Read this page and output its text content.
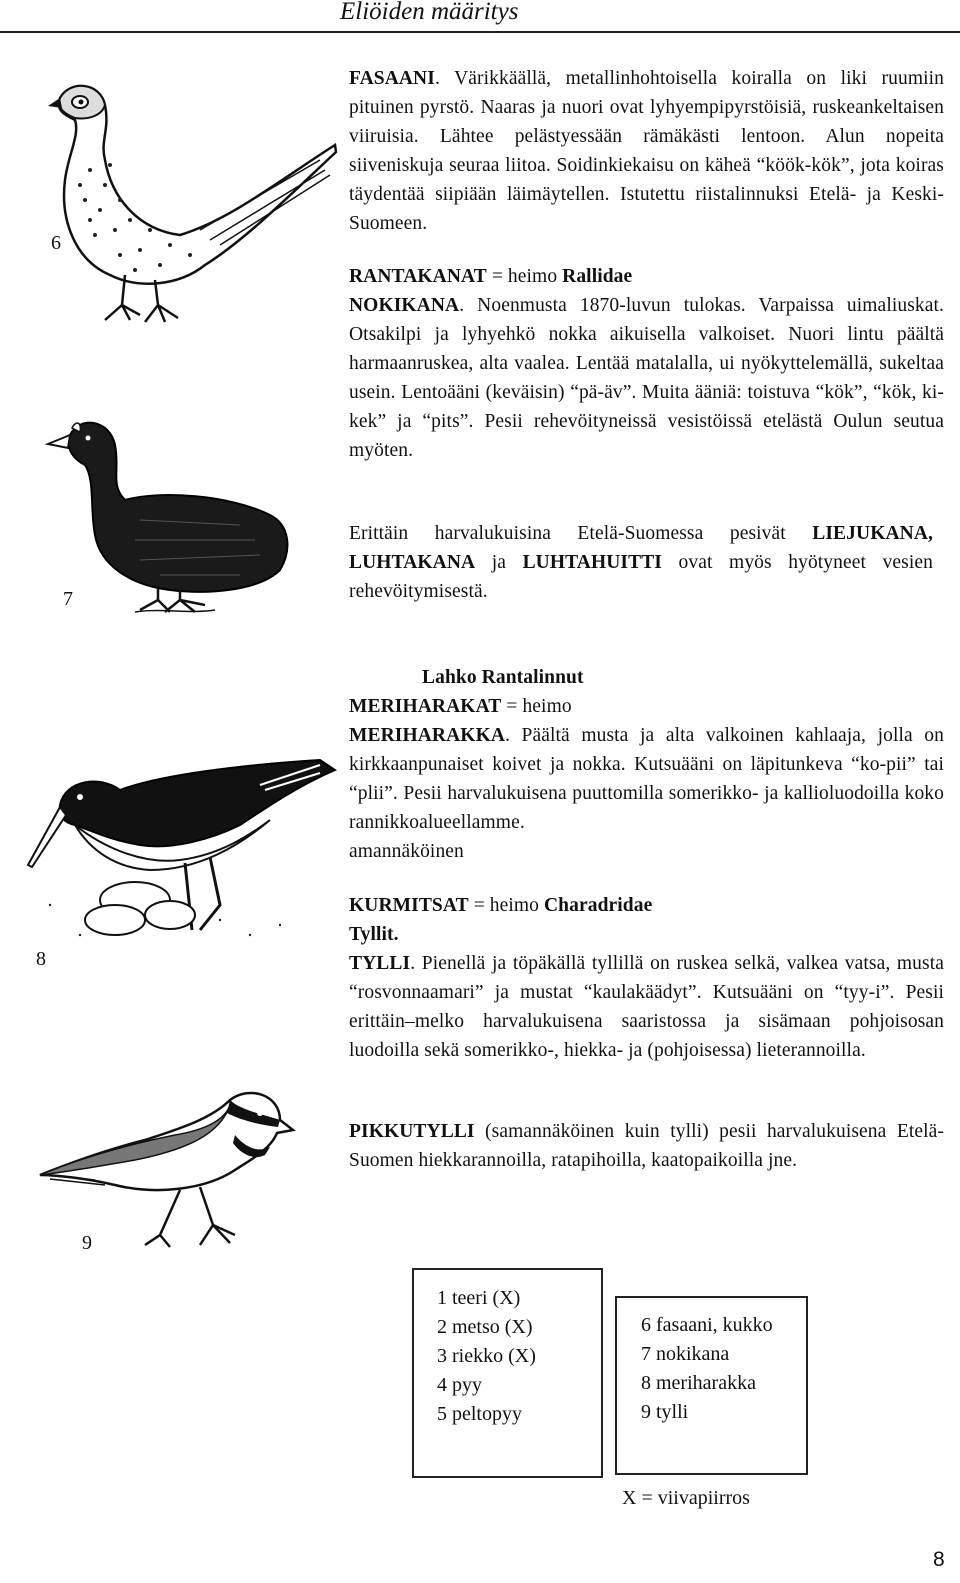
Eliöiden määritys
6
7
8
9
FASAANI. Värikkäällä, metallinhohtoisella koiralla on liki ruumiin pituinen pyrstö. Naaras ja nuori ovat lyhyempipyrstöisiä, ruskeankeltaisen viiruisia. Lähtee pelästyessään rämäkästi lentoon. Alun nopeita siiveniskuja seuraa liitoa. Soidinkiekaisu on käheä “köök-kök”, jota koiras täydentää siipiään läimäytellen. Istutettu riistalinnuksi Etelä- ja Keski-Suomeen.
RANTAKANAT = heimo Rallidae
NOKIKANA. Noenmusta 1870-luvun tulokas. Varpaissa uimaliuskat. Otsakilpi ja lyhyehkö nokka aikuisella valkoiset. Nuori lintu päältä harmaanruskea, alta vaalea. Lentää matalalla, ui nyökyttelemällä, sukeltaa usein. Lentoääni (keväisin) “pä-äv”. Muita ääniä: toistuva “kök”, “kök, ki-kek” ja “pits”. Pesii rehevöityneissä vesistöissä etelästä Oulun seutua myöten.
Erittäin harvalukuisina Etelä-Suomessa pesivät LIEJUKANA, LUHTAKANA ja LUHTAHUITTI ovat myös hyötyneet vesien rehevöitymisestä.
Lahko Rantalinnut
MERIHARAKAT = heimo
MERIHARAKKA. Päältä musta ja alta valkoinen kahlaaja, jolla on kirkkaanpunaiset koivet ja nokka. Kutsuääni on läpitunkeva “ko-pii” tai “plii”. Pesii harvalukuisena puuttomilla somerikko- ja kallioluodoilla koko rannikkoalueellamme.
amannäköinen
KURMITSAT = heimo Charadridae
Tyllit.
TYLLI. Pienellä ja töpäkällä tyllillä on ruskea selkä, valkea vatsa, musta “rosvonnaamari” ja mustat “kaulakäädyt”. Kutsuääni on “tyy-i”. Pesii erittäin–melko harvalukuisena saaristossa ja sisämaan pohjoisosan luodoilla sekä somerikko-, hiekka- ja (pohjoisessa) lieterannoilla.
PIKKUTYLLI (samannäköinen kuin tylli) pesii harvalukuisena Etelä-Suomen hiekkarannoilla, ratapihoilla, kaatopaikoilla jne.
1 teeri (X)
2 metso (X)
3 riekko (X)
4 pyy
5 peltopyy
6 fasaani, kukko
7 nokikana
8 meriharakka
9 tylli
X = viivapiirros
8
